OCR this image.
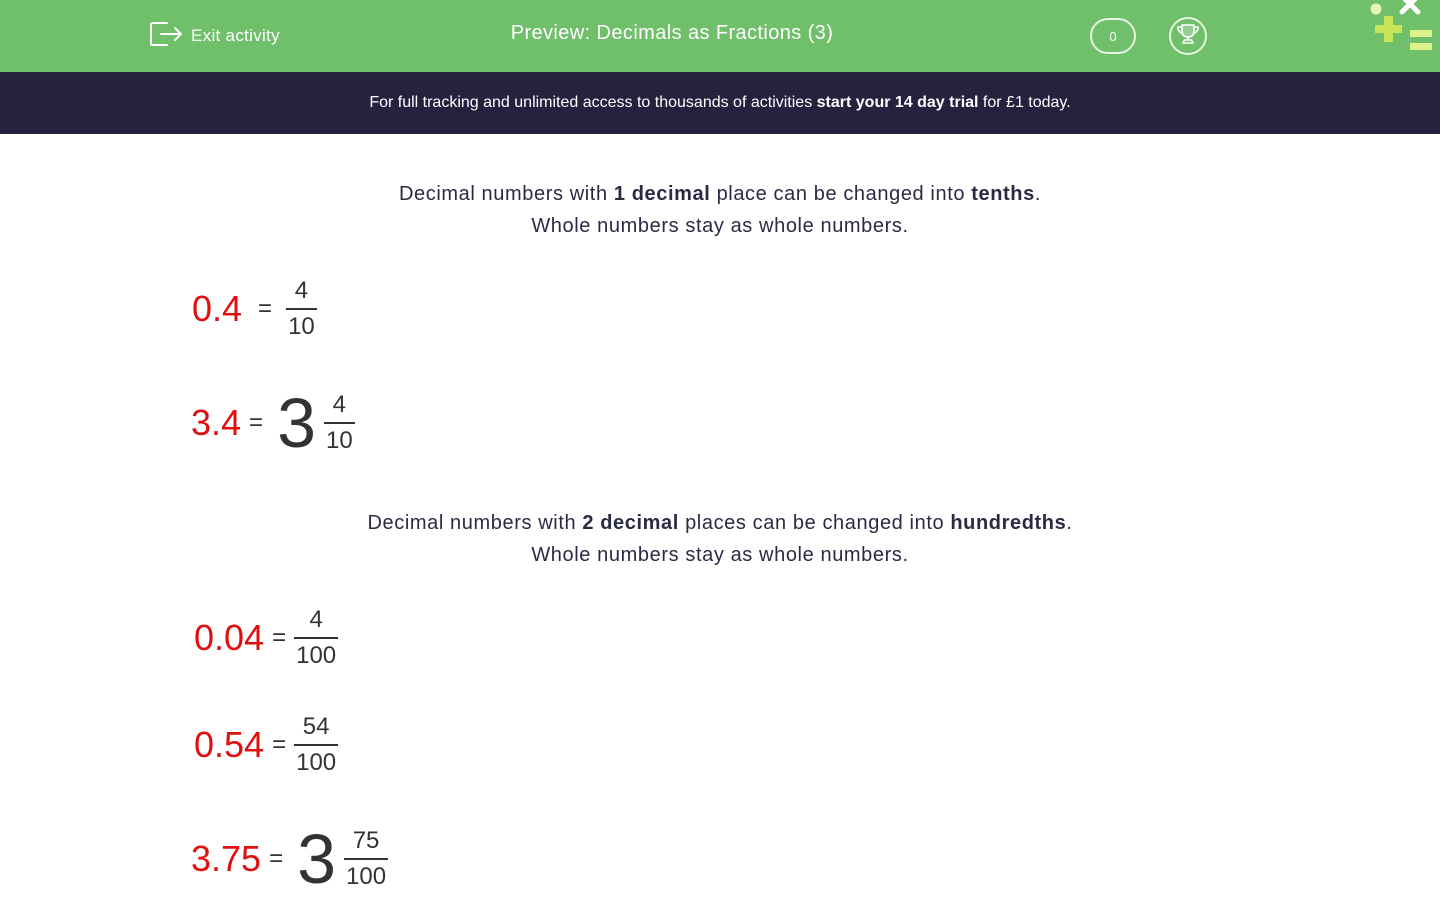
Exit activity	Preview: Decimals as Fractions (3)	0
For full tracking and unlimited access to thousands of activities start your 14 day trial for £1 today.
Decimal numbers with 1 decimal place can be changed into tenths.
Whole numbers stay as whole numbers.
$0.4 = \frac{4}{10}$
$3.4 = 3 \frac{4}{10}$
Decimal numbers with 2 decimal places can be changed into hundredths.
Whole numbers stay as whole numbers.
$0.04 = \frac{4}{100}$
$0.54 = \frac{54}{100}$
$3.75 = 3 \frac{75}{100}$
